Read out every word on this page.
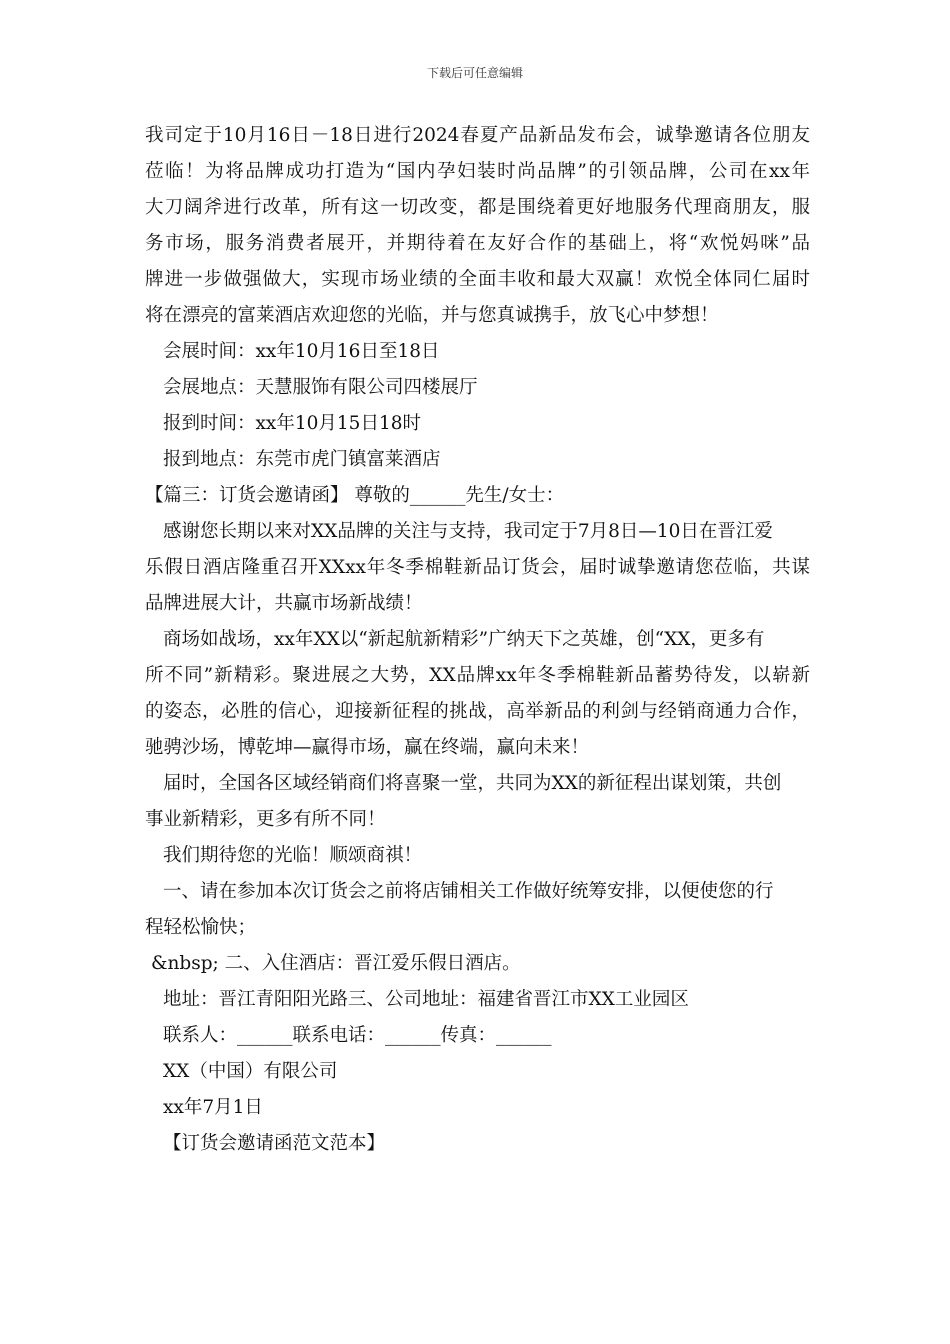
下载后可任意编辑
我司定于10月16日－18日进行2024春夏产品新品发布会，诚挚邀请各位朋友
莅临！为将品牌成功打造为“国内孕妇装时尚品牌”的引领品牌，公司在xx年
大刀阔斧进行改革，所有这一切改变，都是围绕着更好地服务代理商朋友，服
务市场，服务消费者展开，并期待着在友好合作的基础上，将“欢悦妈咪”品
牌进一步做强做大，实现市场业绩的全面丰收和最大双赢！欢悦全体同仁届时
将在漂亮的富莱酒店欢迎您的光临，并与您真诚携手，放飞心中梦想！
会展时间：xx年10月16日至18日
会展地点：天慧服饰有限公司四楼展厅
报到时间：xx年10月15日18时
报到地点：东莞市虎门镇富莱酒店
【篇三：订货会邀请函】 尊敬的______先生/女士：
感谢您长期以来对XX品牌的关注与支持，我司定于7月8日—10日在晋江爱
乐假日酒店隆重召开XXxx年冬季棉鞋新品订货会，届时诚挚邀请您莅临，共谋
品牌进展大计，共赢市场新战绩！
商场如战场，xx年XX以“新起航新精彩”广纳天下之英雄，创“XX，更多有
所不同”新精彩。聚进展之大势，XX品牌xx年冬季棉鞋新品蓄势待发，以崭新
的姿态，必胜的信心，迎接新征程的挑战，高举新品的利剑与经销商通力合作，
驰骋沙场，博乾坤—赢得市场，赢在终端，赢向未来！
届时，全国各区域经销商们将喜聚一堂，共同为XX的新征程出谋划策，共创
事业新精彩，更多有所不同！
我们期待您的光临！顺颂商祺！
一、请在参加本次订货会之前将店铺相关工作做好统筹安排，以便使您的行
程轻松愉快；
&nbsp; 二、入住酒店：晋江爱乐假日酒店。
地址：晋江青阳阳光路三、公司地址：福建省晋江市XX工业园区
联系人：______联系电话：______传真：______
XX（中国）有限公司
xx年7月1日
【订货会邀请函范文范本】
